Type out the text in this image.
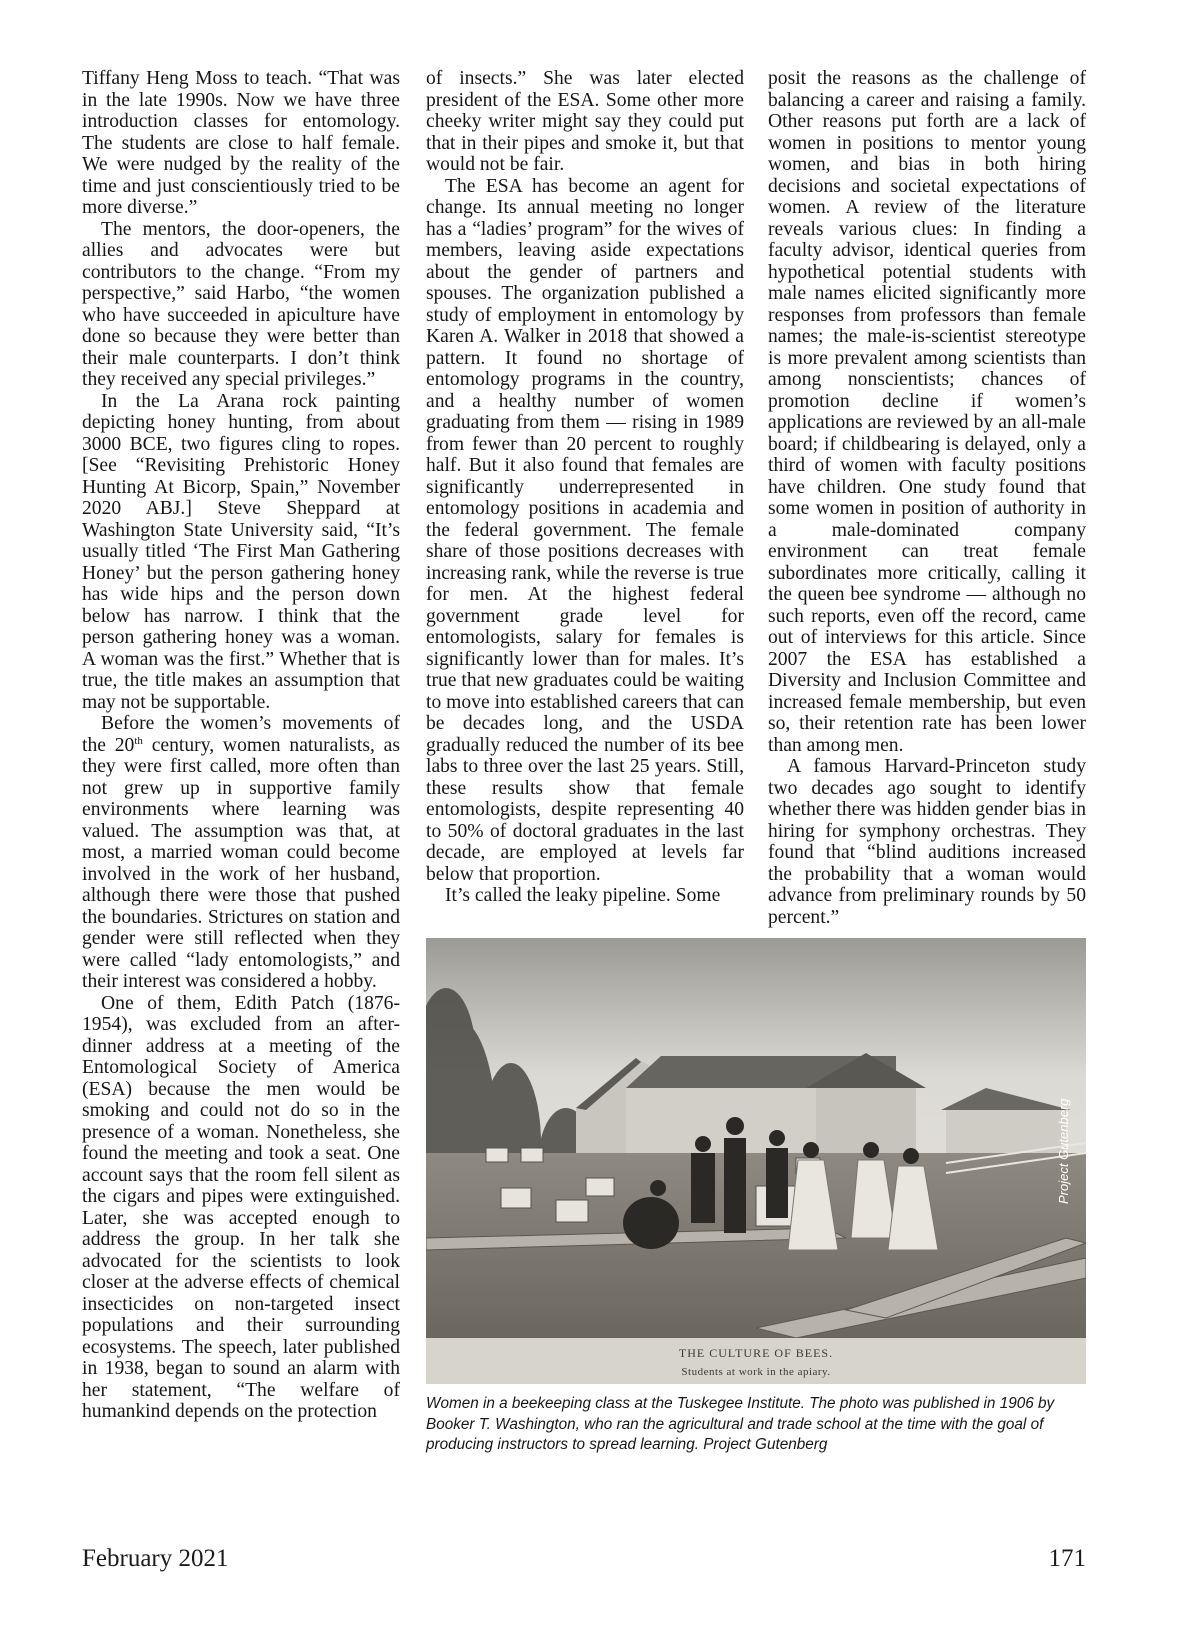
Tiffany Heng Moss to teach. “That was in the late 1990s. Now we have three introduction classes for entomology. The students are close to half female. We were nudged by the reality of the time and just conscientiously tried to be more diverse.”

The mentors, the door-openers, the allies and advocates were but contributors to the change. “From my perspective,” said Harbo, “the women who have succeeded in apiculture have done so because they were better than their male counterparts. I don’t think they received any special privileges.”

In the La Arana rock painting depicting honey hunting, from about 3000 BCE, two figures cling to ropes. [See “Revisiting Prehistoric Honey Hunting At Bicorp, Spain,” November 2020 ABJ.] Steve Sheppard at Washington State University said, “It’s usually titled ‘The First Man Gathering Honey’ but the person gathering honey has wide hips and the person down below has narrow. I think that the person gathering honey was a woman. A woman was the first.” Whether that is true, the title makes an assumption that may not be supportable.

Before the women’s movements of the 20th century, women naturalists, as they were first called, more often than not grew up in supportive family environments where learning was valued. The assumption was that, at most, a married woman could become involved in the work of her husband, although there were those that pushed the boundaries. Strictures on station and gender were still reflected when they were called “lady entomologists,” and their interest was considered a hobby.

One of them, Edith Patch (1876-1954), was excluded from an after-dinner address at a meeting of the Entomological Society of America (ESA) because the men would be smoking and could not do so in the presence of a woman. Nonetheless, she found the meeting and took a seat. One account says that the room fell silent as the cigars and pipes were extinguished. Later, she was accepted enough to address the group. In her talk she advocated for the scientists to look closer at the adverse effects of chemical insecticides on non-targeted insect populations and their surrounding ecosystems. The speech, later published in 1938, began to sound an alarm with her statement, “The welfare of humankind depends on the protection

of insects.” She was later elected president of the ESA. Some other more cheeky writer might say they could put that in their pipes and smoke it, but that would not be fair.

The ESA has become an agent for change. Its annual meeting no longer has a “ladies’ program” for the wives of members, leaving aside expectations about the gender of partners and spouses. The organization published a study of employment in entomology by Karen A. Walker in 2018 that showed a pattern. It found no shortage of entomology programs in the country, and a healthy number of women graduating from them — rising in 1989 from fewer than 20 percent to roughly half. But it also found that females are significantly underrepresented in entomology positions in academia and the federal government. The female share of those positions decreases with increasing rank, while the reverse is true for men. At the highest federal government grade level for entomologists, salary for females is significantly lower than for males. It’s true that new graduates could be waiting to move into established careers that can be decades long, and the USDA gradually reduced the number of its bee labs to three over the last 25 years. Still, these results show that female entomologists, despite representing 40 to 50% of doctoral graduates in the last decade, are employed at levels far below that proportion.

It’s called the leaky pipeline. Some

posit the reasons as the challenge of balancing a career and raising a family. Other reasons put forth are a lack of women in positions to mentor young women, and bias in both hiring decisions and societal expectations of women. A review of the literature reveals various clues: In finding a faculty advisor, identical queries from hypothetical potential students with male names elicited significantly more responses from professors than female names; the male-is-scientist stereotype is more prevalent among scientists than among nonscientists; chances of promotion decline if women’s applications are reviewed by an all-male board; if childbearing is delayed, only a third of women with faculty positions have children. One study found that some women in position of authority in a male-dominated company environment can treat female subordinates more critically, calling it the queen bee syndrome — although no such reports, even off the record, came out of interviews for this article. Since 2007 the ESA has established a Diversity and Inclusion Committee and increased female membership, but even so, their retention rate has been lower than among men.

A famous Harvard-Princeton study two decades ago sought to identify whether there was hidden gender bias in hiring for symphony orchestras. They found that “blind auditions increased the probability that a woman would advance from preliminary rounds by 50 percent.”

THE CULTURE OF BEES.
Students at work in the apiary.
Project Gutenberg
Women in a beekeeping class at the Tuskegee Institute. The photo was published in 1906 by Booker T. Washington, who ran the agricultural and trade school at the time with the goal of producing instructors to spread learning. Project Gutenberg
February 2021	171
